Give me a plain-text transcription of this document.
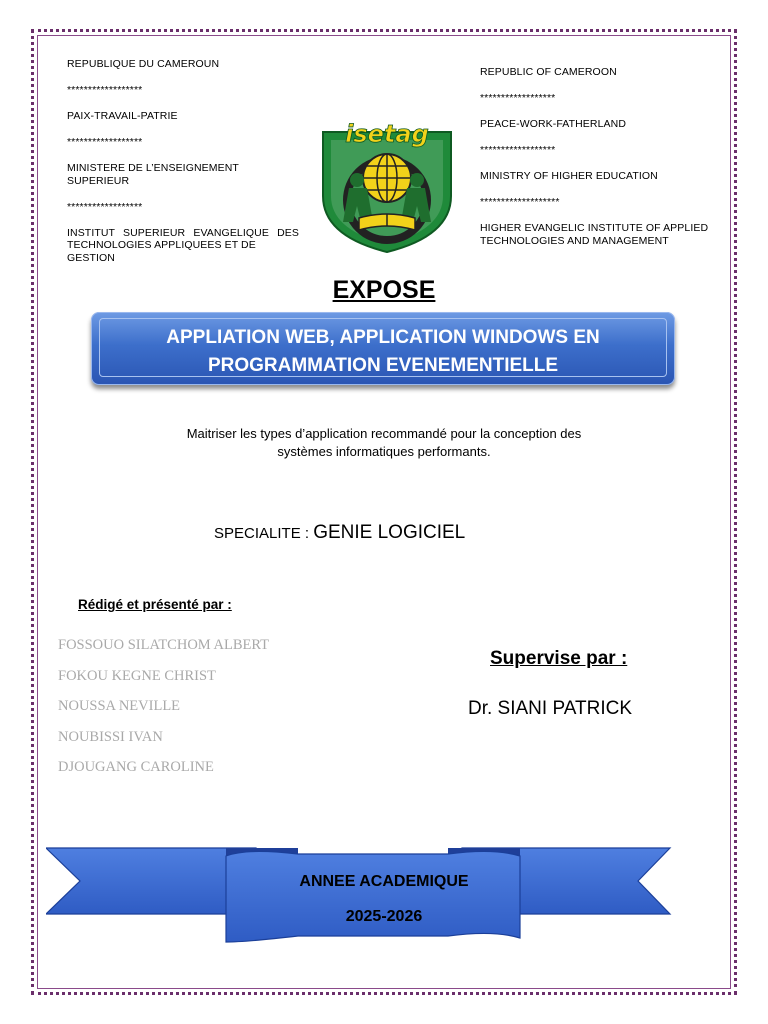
REPUBLIQUE DU CAMEROUN

******************

PAIX-TRAVAIL-PATRIE

******************

MINISTERE DE L’ENSEIGNEMENT SUPERIEUR

******************

INSTITUT SUPERIEUR EVANGELIQUE DES

TECHNOLOGIES APPLIQUEES ET DE GESTION

REPUBLIC OF CAMEROON

******************

PEACE-WORK-FATHERLAND

******************

MINISTRY OF HIGHER EDUCATION

*******************

HIGHER EVANGELIC INSTITUTE OF APPLIED

TECHNOLOGIES AND MANAGEMENT

isetag
EXPOSE
APPLIATION WEB, APPLICATION WINDOWS EN
PROGRAMMATION EVENEMENTIELLE
Maitriser les types d’application recommandé pour la conception des
systèmes informatiques performants.
SPECIALITE : GENIE LOGICIEL
Rédigé et présenté par :
FOSSOUO SILATCHOM ALBERT
FOKOU KEGNE CHRIST
NOUSSA NEVILLE
NOUBISSI IVAN
DJOUGANG CAROLINE
Supervise par :
Dr. SIANI PATRICK
ANNEE ACADEMIQUE
2025-2026
